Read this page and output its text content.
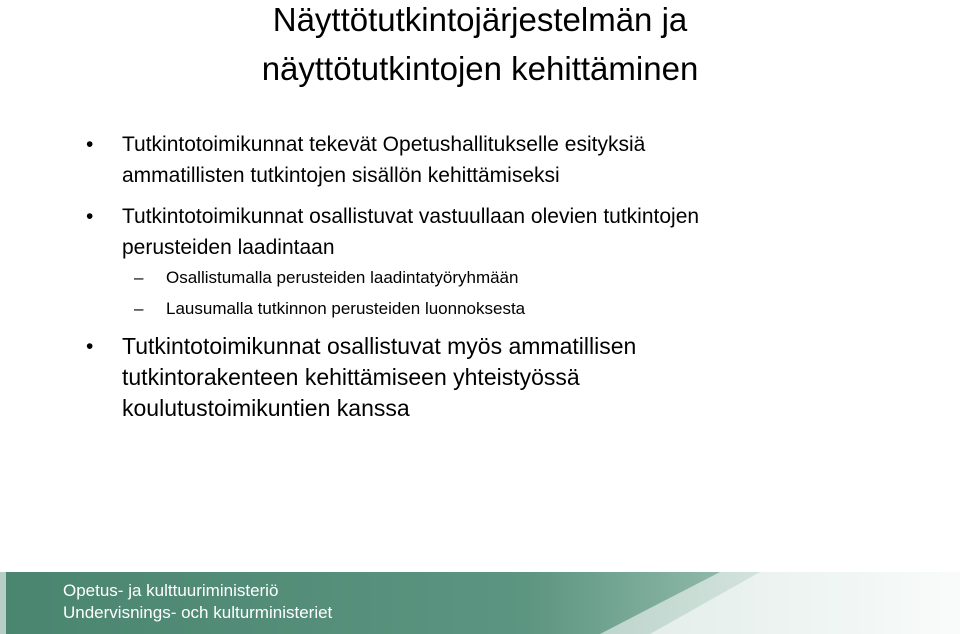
Näyttötutkintojärjestelmän ja
näyttötutkintojen kehittäminen
• Tutkintotoimikunnat tekevät Opetushallitukselle esityksiä
ammatillisten tutkintojen sisällön kehittämiseksi
• Tutkintotoimikunnat osallistuvat vastuullaan olevien tutkintojen
perusteiden laadintaan
– Osallistumalla perusteiden laadintatyöryhmään
– Lausumalla tutkinnon perusteiden luonnoksesta
• Tutkintotoimikunnat osallistuvat myös ammatillisen
tutkintorakenteen kehittämiseen yhteistyössä
koulutustoimikuntien kanssa
Opetus- ja kulttuuriministeriö
Undervisnings- och kulturministeriet
